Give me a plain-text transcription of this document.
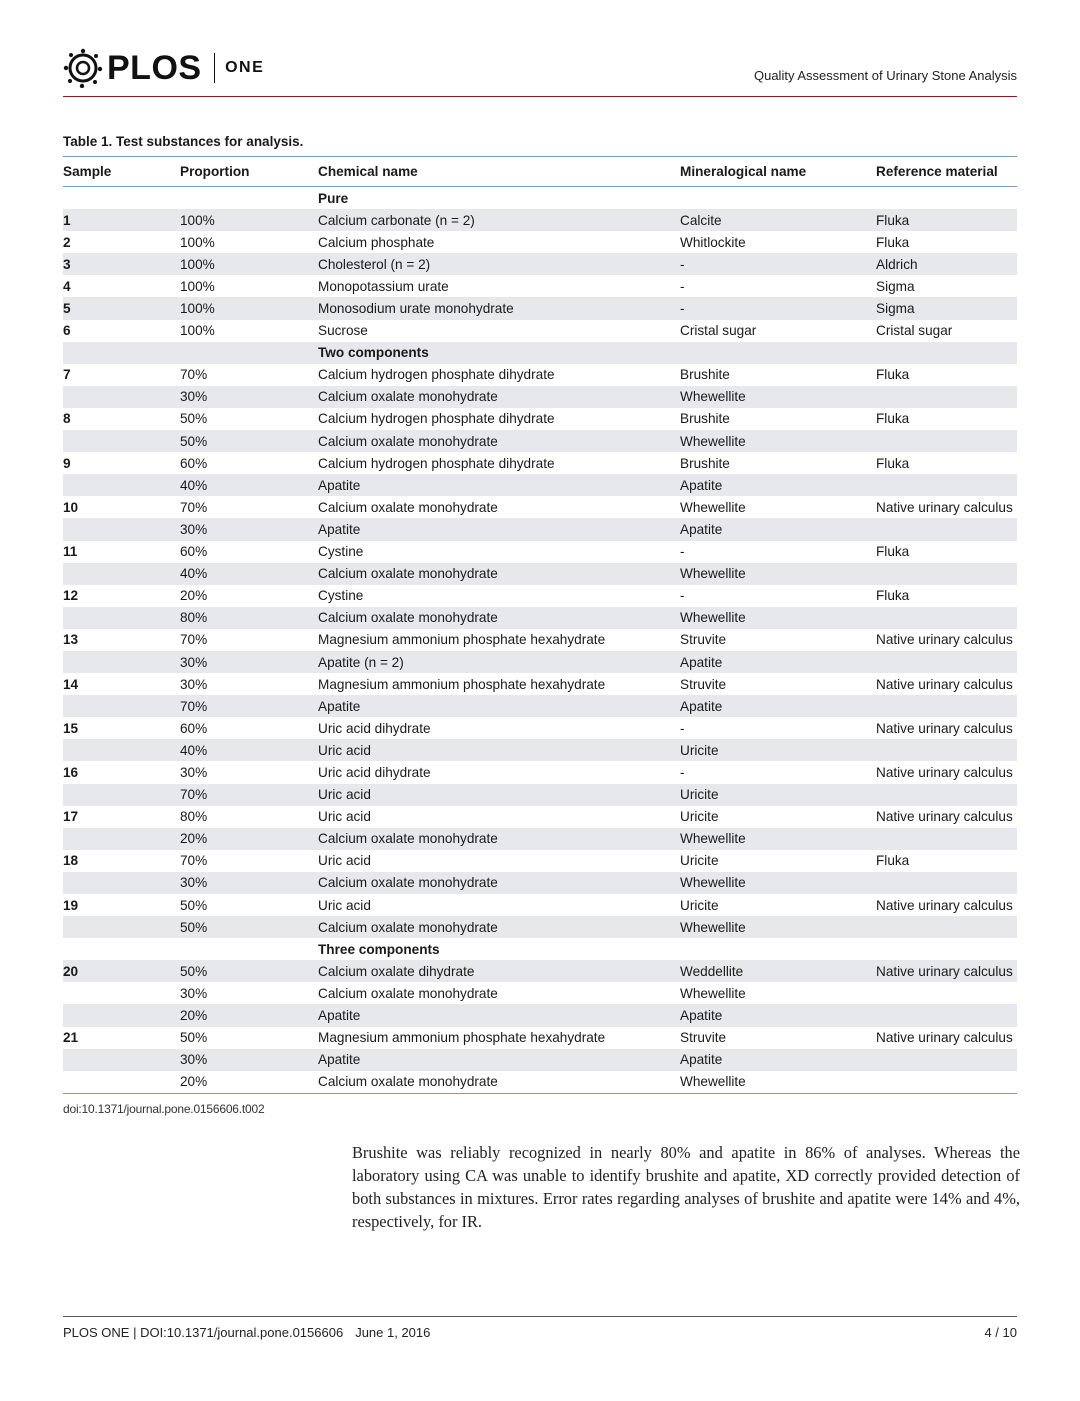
PLOS ONE	Quality Assessment of Urinary Stone Analysis
Table 1. Test substances for analysis.
Sample	Proportion	Chemical name	Mineralogical name	Reference material
		Pure		
1	100%	Calcium carbonate (n = 2)	Calcite	Fluka
2	100%	Calcium phosphate	Whitlockite	Fluka
3	100%	Cholesterol (n = 2)	-	Aldrich
4	100%	Monopotassium urate	-	Sigma
5	100%	Monosodium urate monohydrate	-	Sigma
6	100%	Sucrose	Cristal sugar	Cristal sugar
		Two components		
7	70%	Calcium hydrogen phosphate dihydrate	Brushite	Fluka
	30%	Calcium oxalate monohydrate	Whewellite	
8	50%	Calcium hydrogen phosphate dihydrate	Brushite	Fluka
	50%	Calcium oxalate monohydrate	Whewellite	
9	60%	Calcium hydrogen phosphate dihydrate	Brushite	Fluka
	40%	Apatite	Apatite	
10	70%	Calcium oxalate monohydrate	Whewellite	Native urinary calculus
	30%	Apatite	Apatite	
11	60%	Cystine	-	Fluka
	40%	Calcium oxalate monohydrate	Whewellite	
12	20%	Cystine	-	Fluka
	80%	Calcium oxalate monohydrate	Whewellite	
13	70%	Magnesium ammonium phosphate hexahydrate	Struvite	Native urinary calculus
	30%	Apatite (n = 2)	Apatite	
14	30%	Magnesium ammonium phosphate hexahydrate	Struvite	Native urinary calculus
	70%	Apatite	Apatite	
15	60%	Uric acid dihydrate	-	Native urinary calculus
	40%	Uric acid	Uricite	
16	30%	Uric acid dihydrate	-	Native urinary calculus
	70%	Uric acid	Uricite	
17	80%	Uric acid	Uricite	Native urinary calculus
	20%	Calcium oxalate monohydrate	Whewellite	
18	70%	Uric acid	Uricite	Fluka
	30%	Calcium oxalate monohydrate	Whewellite	
19	50%	Uric acid	Uricite	Native urinary calculus
	50%	Calcium oxalate monohydrate	Whewellite	
		Three components		
20	50%	Calcium oxalate dihydrate	Weddellite	Native urinary calculus
	30%	Calcium oxalate monohydrate	Whewellite	
	20%	Apatite	Apatite	
21	50%	Magnesium ammonium phosphate hexahydrate	Struvite	Native urinary calculus
	30%	Apatite	Apatite	
	20%	Calcium oxalate monohydrate	Whewellite	
doi:10.1371/journal.pone.0156606.t002

Brushite was reliably recognized in nearly 80% and apatite in 86% of analyses. Whereas the laboratory using CA was unable to identify brushite and apatite, XD correctly provided detection of both substances in mixtures. Error rates regarding analyses of brushite and apatite were 14% and 4%, respectively, for IR.

PLOS ONE | DOI:10.1371/journal.pone.0156606 June 1, 2016	4 / 10
